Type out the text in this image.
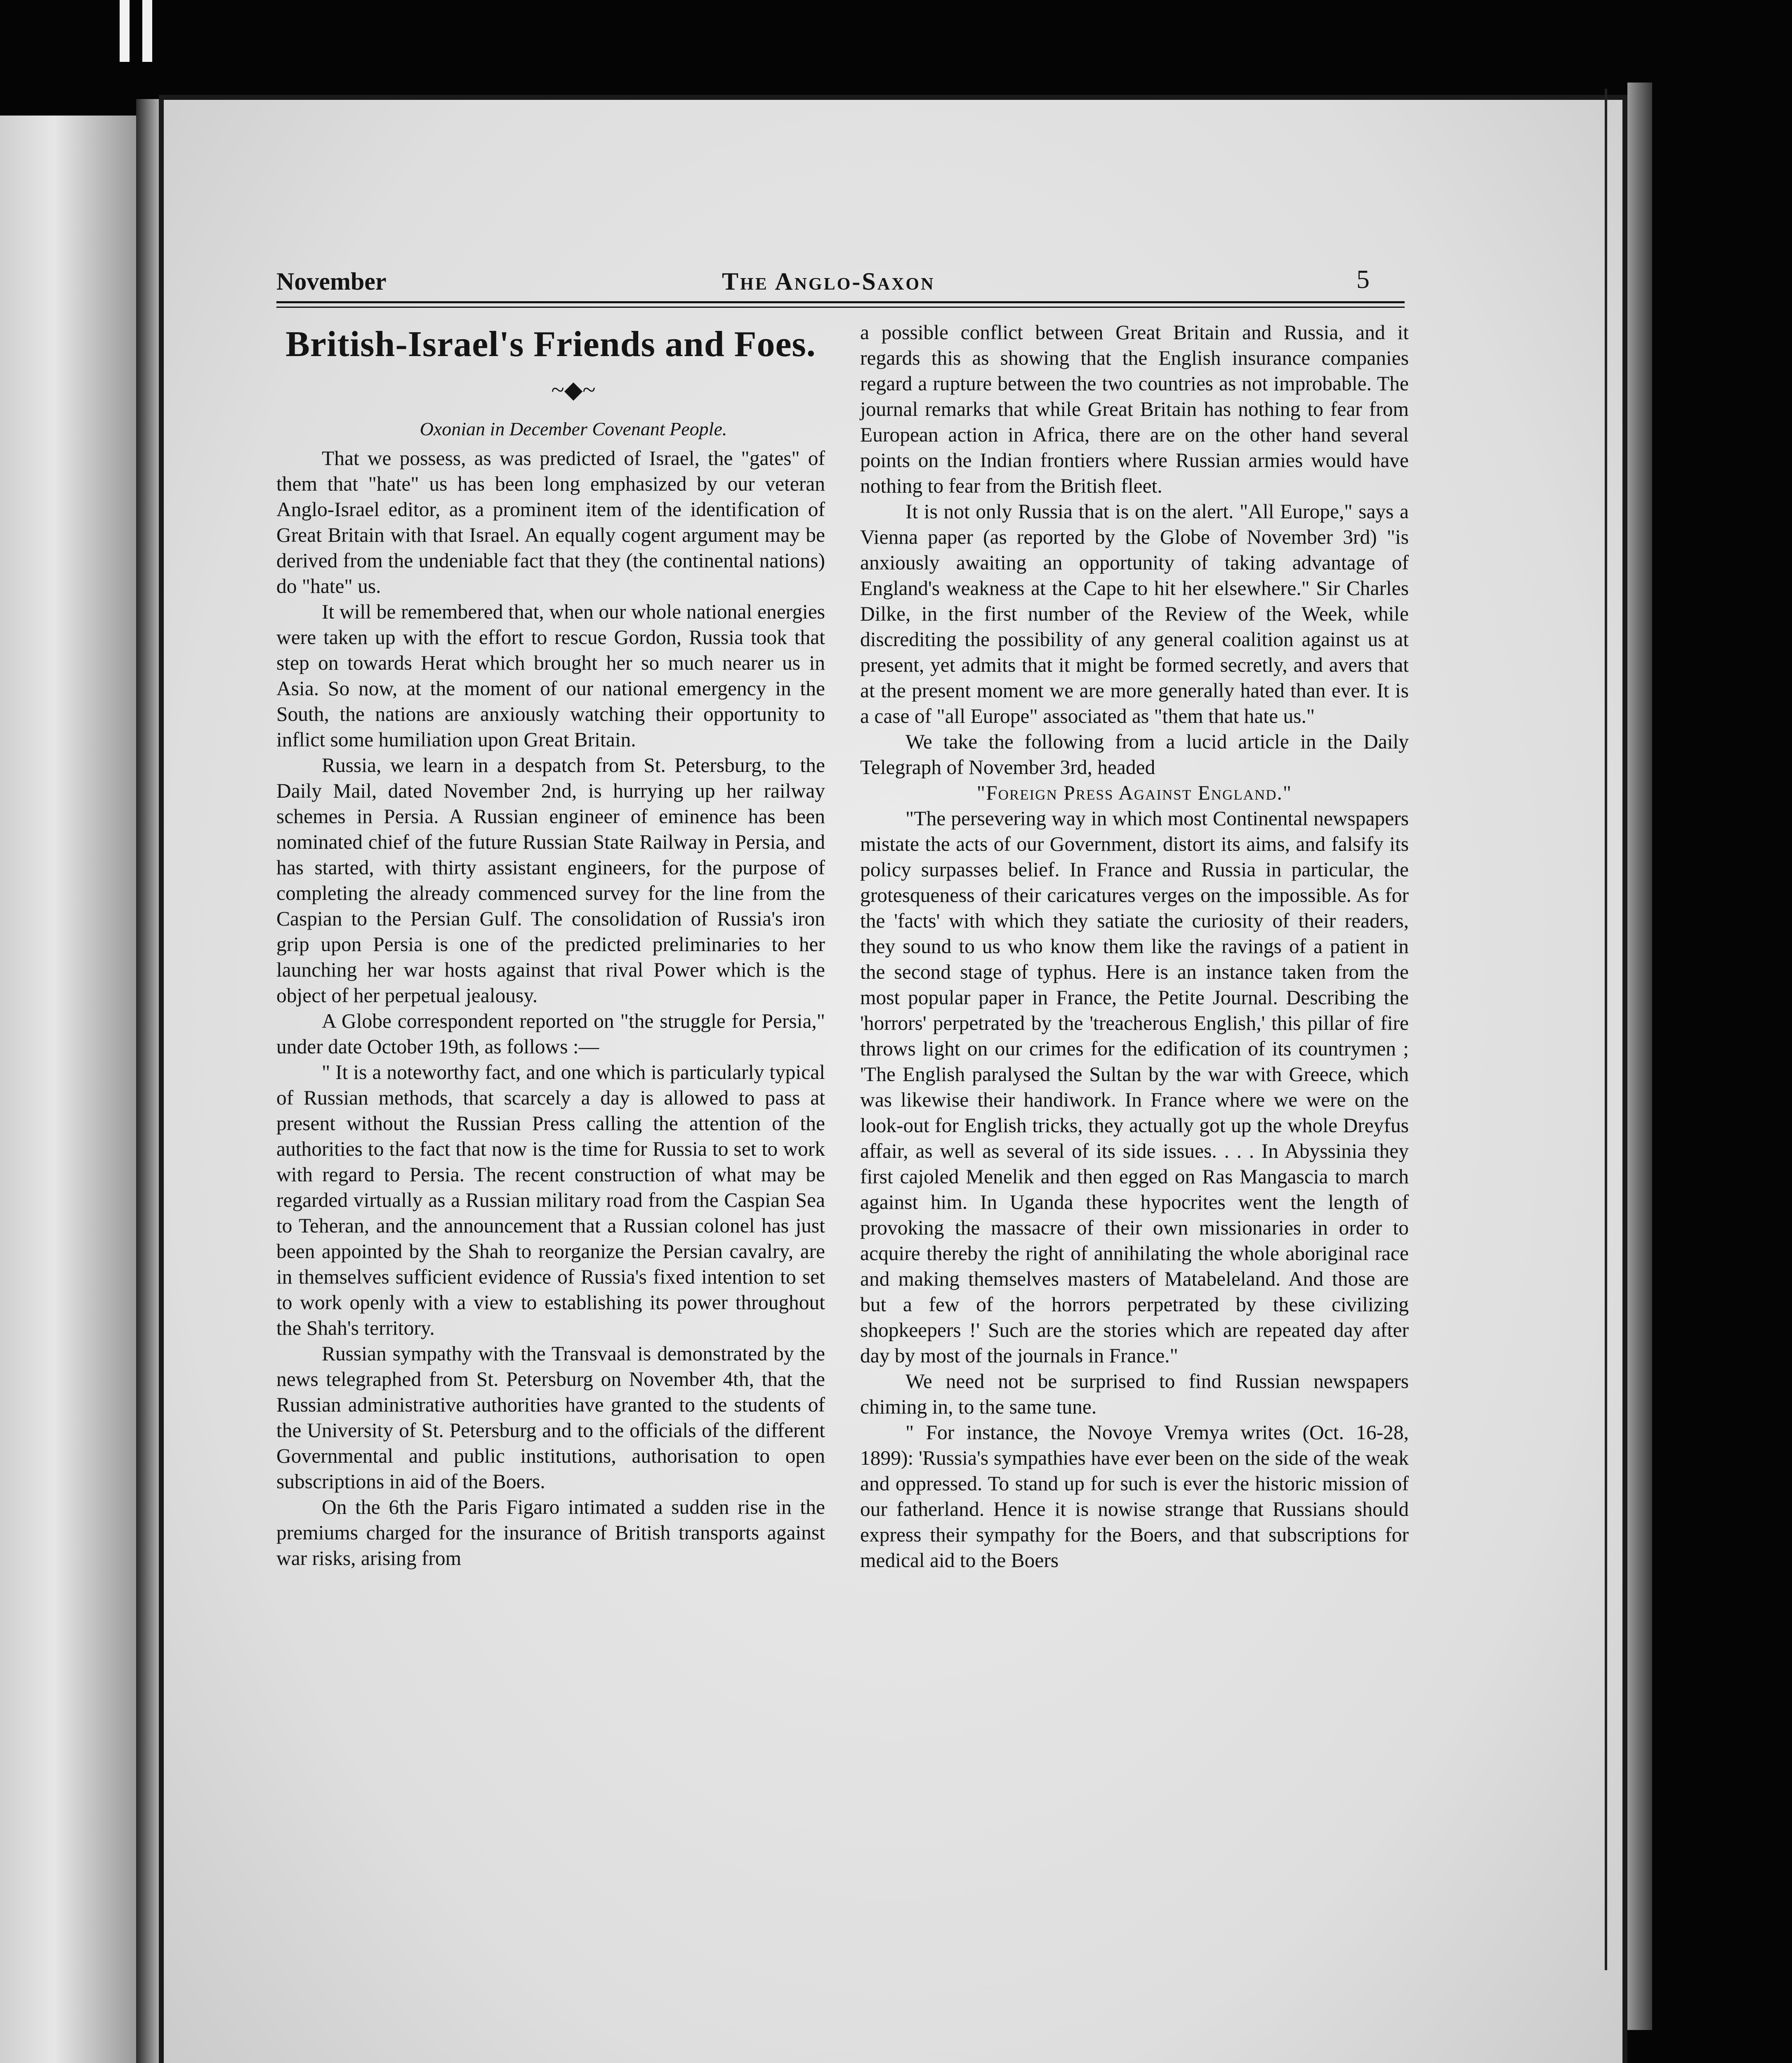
November	The Anglo-Saxon	5
British-Israel's Friends and Foes.

~◆~

Oxonian in December Covenant People.

That we possess, as was predicted of Israel, the "gates" of them that "hate" us has been long emphasized by our veteran Anglo-Israel editor, as a prominent item of the identification of Great Britain with that Israel. An equally cogent argument may be derived from the undeniable fact that they (the continental nations) do "hate" us.

It will be remembered that, when our whole national energies were taken up with the effort to rescue Gordon, Russia took that step on towards Herat which brought her so much nearer us in Asia. So now, at the moment of our national emergency in the South, the nations are anxiously watching their opportunity to inflict some humiliation upon Great Britain.

Russia, we learn in a despatch from St. Petersburg, to the Daily Mail, dated November 2nd, is hurrying up her railway schemes in Persia. A Russian engineer of eminence has been nominated chief of the future Russian State Railway in Persia, and has started, with thirty assistant engineers, for the purpose of completing the already commenced survey for the line from the Caspian to the Persian Gulf. The consolidation of Russia's iron grip upon Persia is one of the predicted preliminaries to her launching her war hosts against that rival Power which is the object of her perpetual jealousy.

A Globe correspondent reported on "the struggle for Persia," under date October 19th, as follows :—

" It is a noteworthy fact, and one which is particularly typical of Russian methods, that scarcely a day is allowed to pass at present without the Russian Press calling the attention of the authorities to the fact that now is the time for Russia to set to work with regard to Persia. The recent construction of what may be regarded virtually as a Russian military road from the Caspian Sea to Teheran, and the announcement that a Russian colonel has just been appointed by the Shah to reorganize the Persian cavalry, are in themselves sufficient evidence of Russia's fixed intention to set to work openly with a view to establishing its power throughout the Shah's territory.

Russian sympathy with the Transvaal is demonstrated by the news telegraphed from St. Petersburg on November 4th, that the Russian administrative authorities have granted to the students of the University of St. Petersburg and to the officials of the different Governmental and public institutions, authorisation to open subscriptions in aid of the Boers.

On the 6th the Paris Figaro intimated a sudden rise in the premiums charged for the insurance of British transports against war risks, arising from

a possible conflict between Great Britain and Russia, and it regards this as showing that the English insurance companies regard a rupture between the two countries as not improbable. The journal remarks that while Great Britain has nothing to fear from European action in Africa, there are on the other hand several points on the Indian frontiers where Russian armies would have nothing to fear from the British fleet.

It is not only Russia that is on the alert. "All Europe," says a Vienna paper (as reported by the Globe of November 3rd) "is anxiously awaiting an opportunity of taking advantage of England's weakness at the Cape to hit her elsewhere." Sir Charles Dilke, in the first number of the Review of the Week, while discrediting the possibility of any general coalition against us at present, yet admits that it might be formed secretly, and avers that at the present moment we are more generally hated than ever. It is a case of "all Europe" associated as "them that hate us."

We take the following from a lucid article in the Daily Telegraph of November 3rd, headed

"Foreign Press Against England."

"The persevering way in which most Continental newspapers mistate the acts of our Government, distort its aims, and falsify its policy surpasses belief. In France and Russia in particular, the grotesqueness of their caricatures verges on the impossible. As for the 'facts' with which they satiate the curiosity of their readers, they sound to us who know them like the ravings of a patient in the second stage of typhus. Here is an instance taken from the most popular paper in France, the Petite Journal. Describing the 'horrors' perpetrated by the 'treacherous English,' this pillar of fire throws light on our crimes for the edification of its countrymen ; 'The English paralysed the Sultan by the war with Greece, which was likewise their handiwork. In France where we were on the look-out for English tricks, they actually got up the whole Dreyfus affair, as well as several of its side issues. . . . In Abyssinia they first cajoled Menelik and then egged on Ras Mangascia to march against him. In Uganda these hypocrites went the length of provoking the massacre of their own missionaries in order to acquire thereby the right of annihilating the whole aboriginal race and making themselves masters of Matabeleland. And those are but a few of the horrors perpetrated by these civilizing shopkeepers !' Such are the stories which are repeated day after day by most of the journals in France."

We need not be surprised to find Russian newspapers chiming in, to the same tune.

" For instance, the Novoye Vremya writes (Oct. 16-28, 1899): 'Russia's sympathies have ever been on the side of the weak and oppressed. To stand up for such is ever the historic mission of our fatherland. Hence it is nowise strange that Russians should express their sympathy for the Boers, and that subscriptions for medical aid to the Boers
